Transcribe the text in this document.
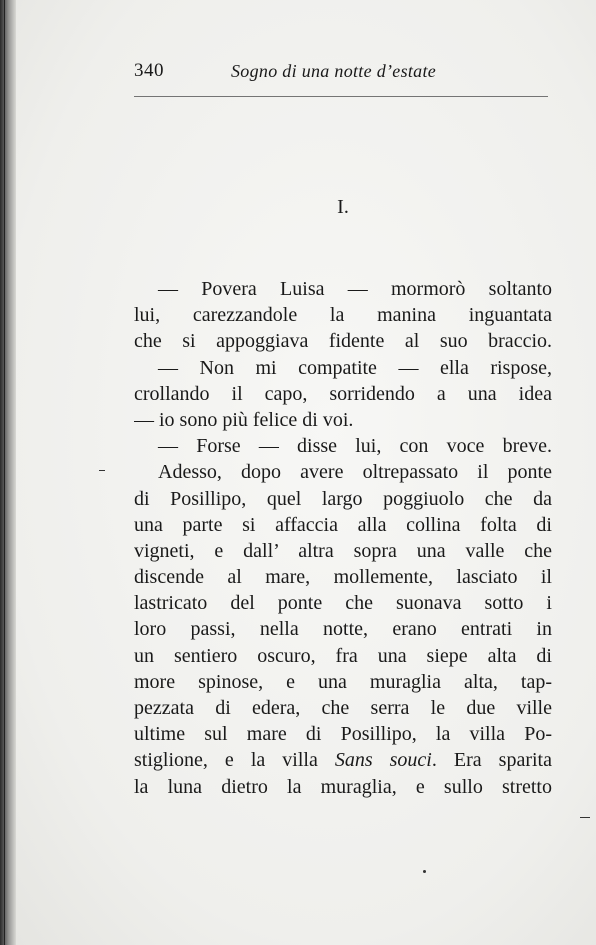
340	Sogno di una notte d’estate
I.
— Povera Luisa — mormorò soltanto
lui, carezzandole la manina inguantata
che si appoggiava fidente al suo braccio.
— Non mi compatite — ella rispose,
crollando il capo, sorridendo a una idea
— io sono più felice di voi.
— Forse — disse lui, con voce breve.
Adesso, dopo avere oltrepassato il ponte
di Posillipo, quel largo poggiuolo che da
una parte si affaccia alla collina folta di
vigneti, e dall’ altra sopra una valle che
discende al mare, mollemente, lasciato il
lastricato del ponte che suonava sotto i
loro passi, nella notte, erano entrati in
un sentiero oscuro, fra una siepe alta di
more spinose, e una muraglia alta, tap-
pezzata di edera, che serra le due ville
ultime sul mare di Posillipo, la villa Po-
stiglione, e la villa Sans souci. Era sparita
la luna dietro la muraglia, e sullo stretto
